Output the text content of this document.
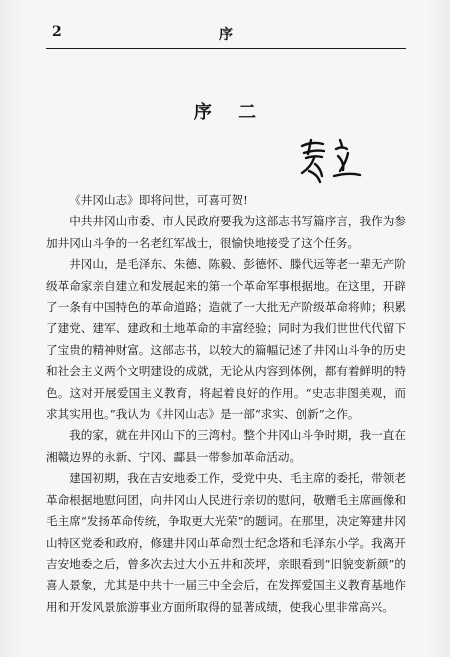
2	序
序 二

《井冈山志》即将问世，可喜可贺!

中共井冈山市委、市人民政府要我为这部志书写篇序言，我作为参加井冈山斗争的一名老红军战士，很愉快地接受了这个任务。

井冈山，是毛泽东、朱德、陈毅、彭德怀、滕代远等老一辈无产阶级革命家亲自建立和发展起来的第一个革命军事根据地。在这里，开辟了一条有中国特色的革命道路；造就了一大批无产阶级革命将帅；积累了建党、建军、建政和土地革命的丰富经验；同时为我们世世代代留下了宝贵的精神财富。这部志书，以较大的篇幅记述了井冈山斗争的历史和社会主义两个文明建设的成就，无论从内容到体例，都有着鲜明的特色。这对开展爱国主义教育，将起着良好的作用。“史志非图美观，而求其实用也。”我认为《井冈山志》是一部“求实、创新”之作。

我的家，就在井冈山下的三湾村。整个井冈山斗争时期，我一直在湘赣边界的永新、宁冈、酃县一带参加革命活动。

建国初期，我在吉安地委工作，受党中央、毛主席的委托，带领老革命根据地慰问团，向井冈山人民进行亲切的慰问，敬赠毛主席画像和毛主席“发扬革命传统，争取更大光荣”的题词。在那里，决定筹建井冈山特区党委和政府，修建井冈山革命烈士纪念塔和毛泽东小学。我离开吉安地委之后，曾多次去过大小五井和茨坪，亲眼看到“旧貌变新颜”的喜人景象，尤其是中共十一届三中全会后，在发挥爱国主义教育基地作用和开发风景旅游事业方面所取得的显著成绩，使我心里非常高兴。
